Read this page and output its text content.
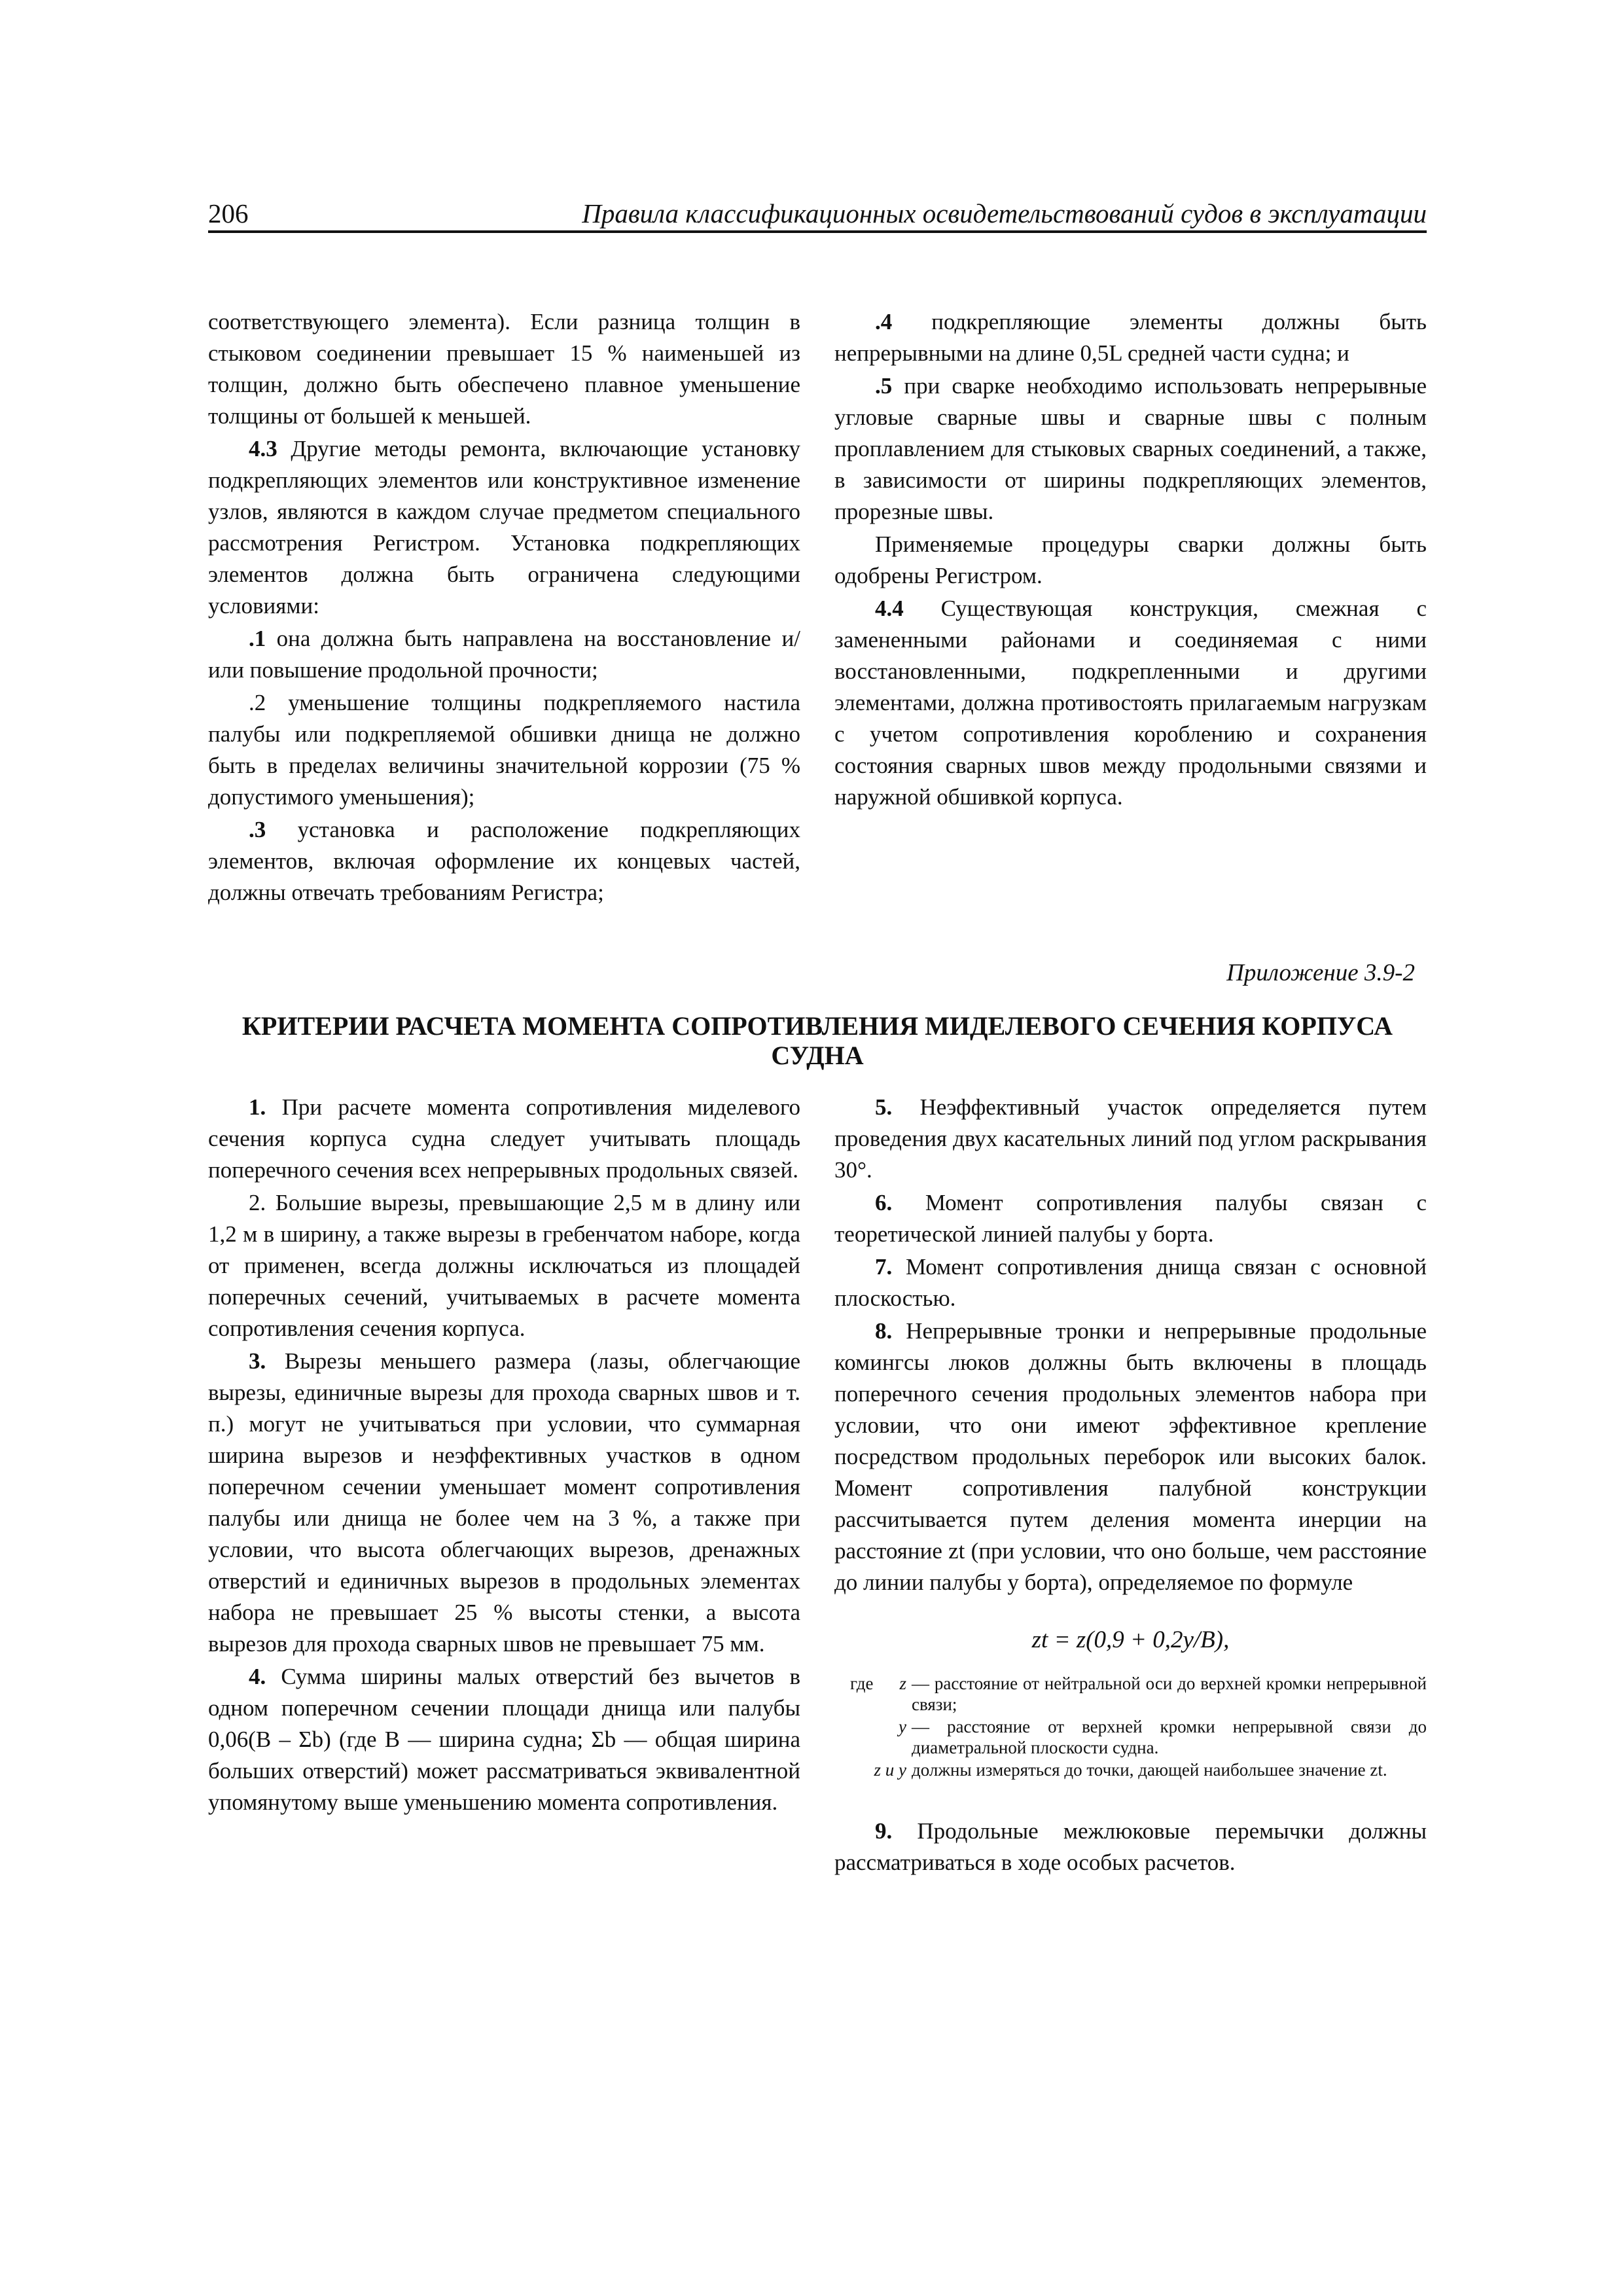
206	Правила классификационных освидетельствований судов в эксплуатации

соответствующего элемента). Если разница толщин в стыковом соединении превышает 15 % наименьшей из толщин, должно быть обеспечено плавное уменьшение толщины от большей к меньшей.

4.3 Другие методы ремонта, включающие установку подкрепляющих элементов или конструктивное изменение узлов, являются в каждом случае предметом специального рассмотрения Регистром. Установка подкрепляющих элементов должна быть ограничена следующими условиями:

.1 она должна быть направлена на восстановление и/или повышение продольной прочности;

.2 уменьшение толщины подкрепляемого настила палубы или подкрепляемой обшивки днища не должно быть в пределах величины значительной коррозии (75 % допустимого уменьшения);

.3 установка и расположение подкрепляющих элементов, включая оформление их концевых частей, должны отвечать требованиям Регистра;

.4 подкрепляющие элементы должны быть непрерывными на длине 0,5L средней части судна; и

.5 при сварке необходимо использовать непрерывные угловые сварные швы и сварные швы с полным проплавлением для стыковых сварных соединений, а также, в зависимости от ширины подкрепляющих элементов, прорезные швы.

Применяемые процедуры сварки должны быть одобрены Регистром.

4.4 Существующая конструкция, смежная с замененными районами и соединяемая с ними восстановленными, подкрепленными и другими элементами, должна противостоять прилагаемым нагрузкам с учетом сопротивления короблению и сохранения состояния сварных швов между продольными связями и наружной обшивкой корпуса.

Приложение 3.9-2
КРИТЕРИИ РАСЧЕТА МОМЕНТА СОПРОТИВЛЕНИЯ МИДЕЛЕВОГО СЕЧЕНИЯ КОРПУСА СУДНА

1. При расчете момента сопротивления миделевого сечения корпуса судна следует учитывать площадь поперечного сечения всех непрерывных продольных связей.

2. Большие вырезы, превышающие 2,5 м в длину или 1,2 м в ширину, а также вырезы в гребенчатом наборе, когда от применен, всегда должны исключаться из площадей поперечных сечений, учитываемых в расчете момента сопротивления сечения корпуса.

3. Вырезы меньшего размера (лазы, облегчающие вырезы, единичные вырезы для прохода сварных швов и т. п.) могут не учитываться при условии, что суммарная ширина вырезов и неэффективных участков в одном поперечном сечении уменьшает момент сопротивления палубы или днища не более чем на 3 %, а также при условии, что высота облегчающих вырезов, дренажных отверстий и единичных вырезов в продольных элементах набора не превышает 25 % высоты стенки, а высота вырезов для прохода сварных швов не превышает 75 мм.

4. Сумма ширины малых отверстий без вычетов в одном поперечном сечении площади днища или палубы 0,06(B – Σb) (где B — ширина судна; Σb — общая ширина больших отверстий) может рассматриваться эквивалентной упомянутому выше уменьшению момента сопротивления.

5. Неэффективный участок определяется путем проведения двух касательных линий под углом раскрывания 30°.

6. Момент сопротивления палубы связан с теоретической линией палубы у борта.

7. Момент сопротивления днища связан с основной плоскостью.

8. Непрерывные тронки и непрерывные продольные комингсы люков должны быть включены в площадь поперечного сечения продольных элементов набора при условии, что они имеют эффективное крепление посредством продольных переборок или высоких балок. Момент сопротивления палубной конструкции рассчитывается путем деления момента инерции на расстояние zt (при условии, что оно больше, чем расстояние до линии палубы у борта), определяемое по формуле

zt = z(0,9 + 0,2y/B),
где z — расстояние от нейтральной оси до верхней кромки непрерывной связи;
y — расстояние от верхней кромки непрерывной связи до диаметральной плоскости судна.
z и y должны измеряться до точки, дающей наибольшее значение zt.

9. Продольные межлюковые перемычки должны рассматриваться в ходе особых расчетов.
